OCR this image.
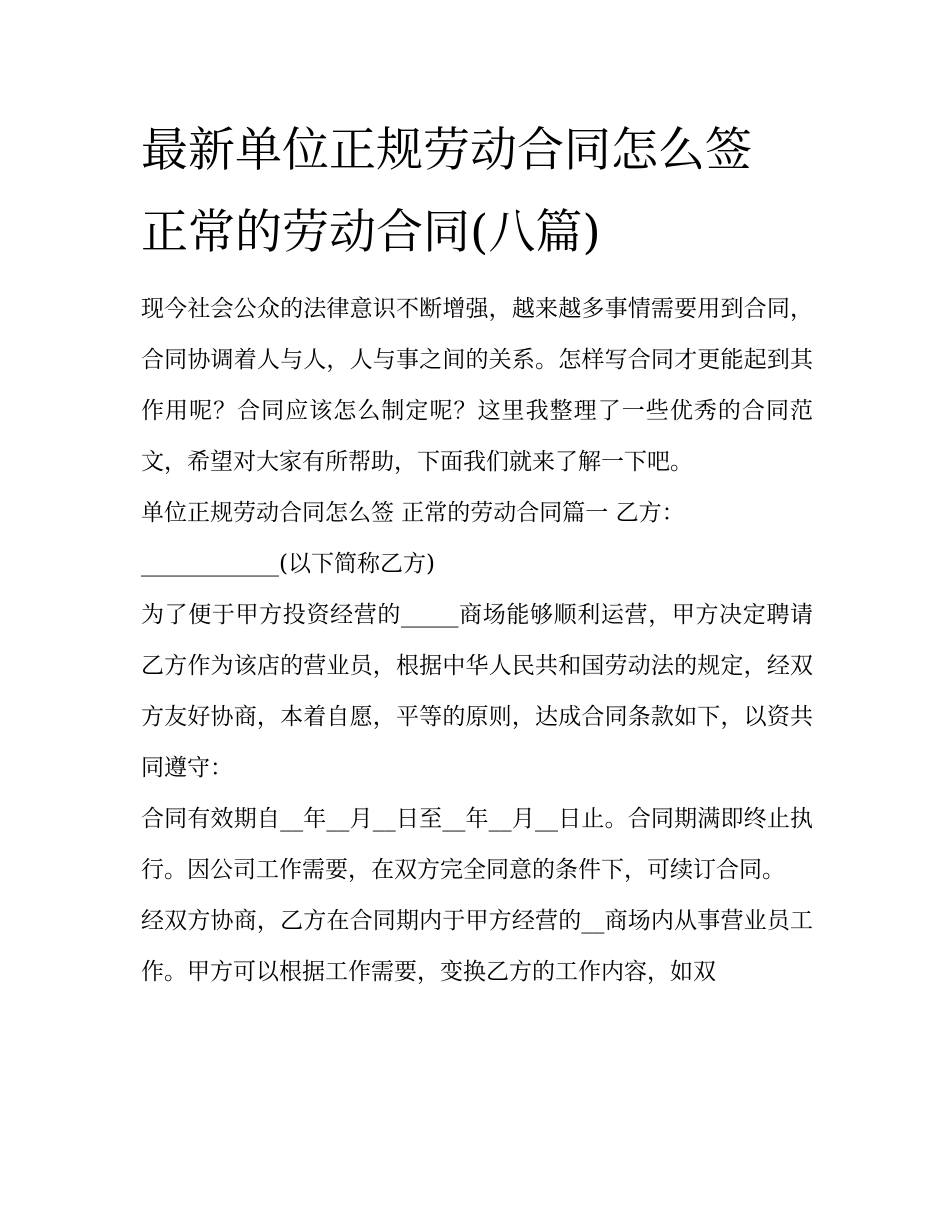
最新单位正规劳动合同怎么签 正常的劳动合同(八篇)

现今社会公众的法律意识不断增强，越来越多事情需要用到合同，合同协调着人与人，人与事之间的关系。怎样写合同才更能起到其作用呢？合同应该怎么制定呢？这里我整理了一些优秀的合同范文，希望对大家有所帮助，下面我们就来了解一下吧。

单位正规劳动合同怎么签 正常的劳动合同篇一 乙方：

____________(以下简称乙方)

为了便于甲方投资经营的_____商场能够顺利运营，甲方决定聘请乙方作为该店的营业员，根据中华人民共和国劳动法的规定，经双方友好协商，本着自愿，平等的原则，达成合同条款如下，以资共同遵守：

合同有效期自__年__月__日至__年__月__日止。合同期满即终止执行。因公司工作需要，在双方完全同意的条件下，可续订合同。

经双方协商，乙方在合同期内于甲方经营的__商场内从事营业员工作。甲方可以根据工作需要，变换乙方的工作内容，如双
